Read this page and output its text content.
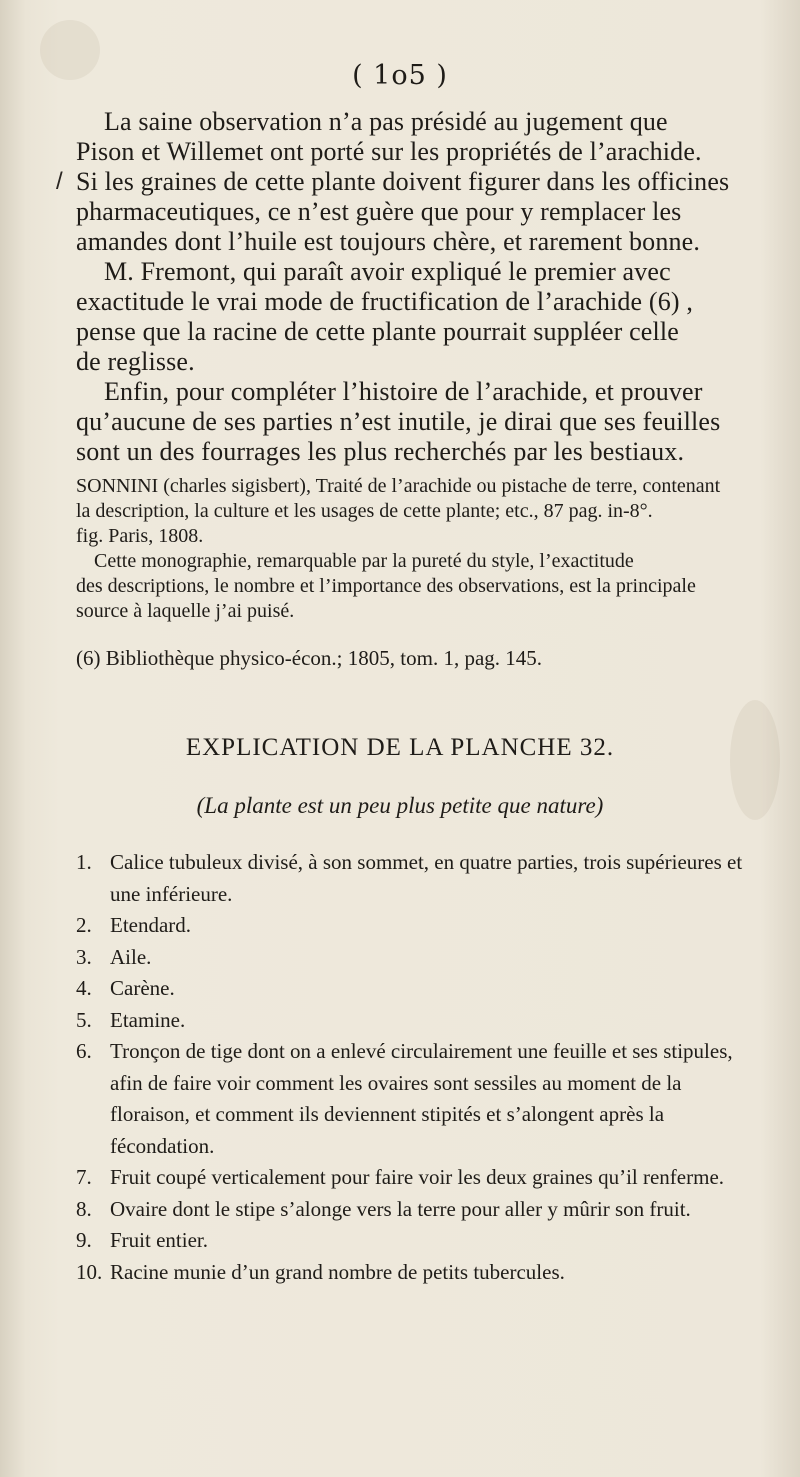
( 1o5 )
La saine observation n’a pas présidé au jugement que
Pison et Willemet ont porté sur les propriétés de l’arachide.
/ Si les graines de cette plante doivent figurer dans les officines
pharmaceutiques, ce n’est guère que pour y remplacer les
amandes dont l’huile est toujours chère, et rarement bonne.
M. Fremont, qui paraît avoir expliqué le premier avec
exactitude le vrai mode de fructification de l’arachide (6) ,
pense que la racine de cette plante pourrait suppléer celle
de reglisse.
Enfin, pour compléter l’histoire de l’arachide, et prouver
qu’aucune de ses parties n’est inutile, je dirai que ses feuilles
sont un des fourrages les plus recherchés par les bestiaux.
SONNINI (charles sigisbert), Traité de l’arachide ou pistache de terre, contenant
la description, la culture et les usages de cette plante; etc., 87 pag. in-8°.
fig. Paris, 1808.
Cette monographie, remarquable par la pureté du style, l’exactitude
des descriptions, le nombre et l’importance des observations, est la principale
source à laquelle j’ai puisé.
(6) Bibliothèque physico-écon.; 1805, tom. 1, pag. 145.
EXPLICATION DE LA PLANCHE 32.
(La plante est un peu plus petite que nature)
1. Calice tubuleux divisé, à son sommet, en quatre parties, trois supérieures et une inférieure.
2. Etendard.
3. Aile.
4. Carène.
5. Etamine.
6. Tronçon de tige dont on a enlevé circulairement une feuille et ses stipules, afin de faire voir comment les ovaires sont sessiles au moment de la floraison, et comment ils deviennent stipités et s’alongent après la fécondation.
7. Fruit coupé verticalement pour faire voir les deux graines qu’il renferme.
8. Ovaire dont le stipe s’alonge vers la terre pour aller y mûrir son fruit.
9. Fruit entier.
10. Racine munie d’un grand nombre de petits tubercules.
